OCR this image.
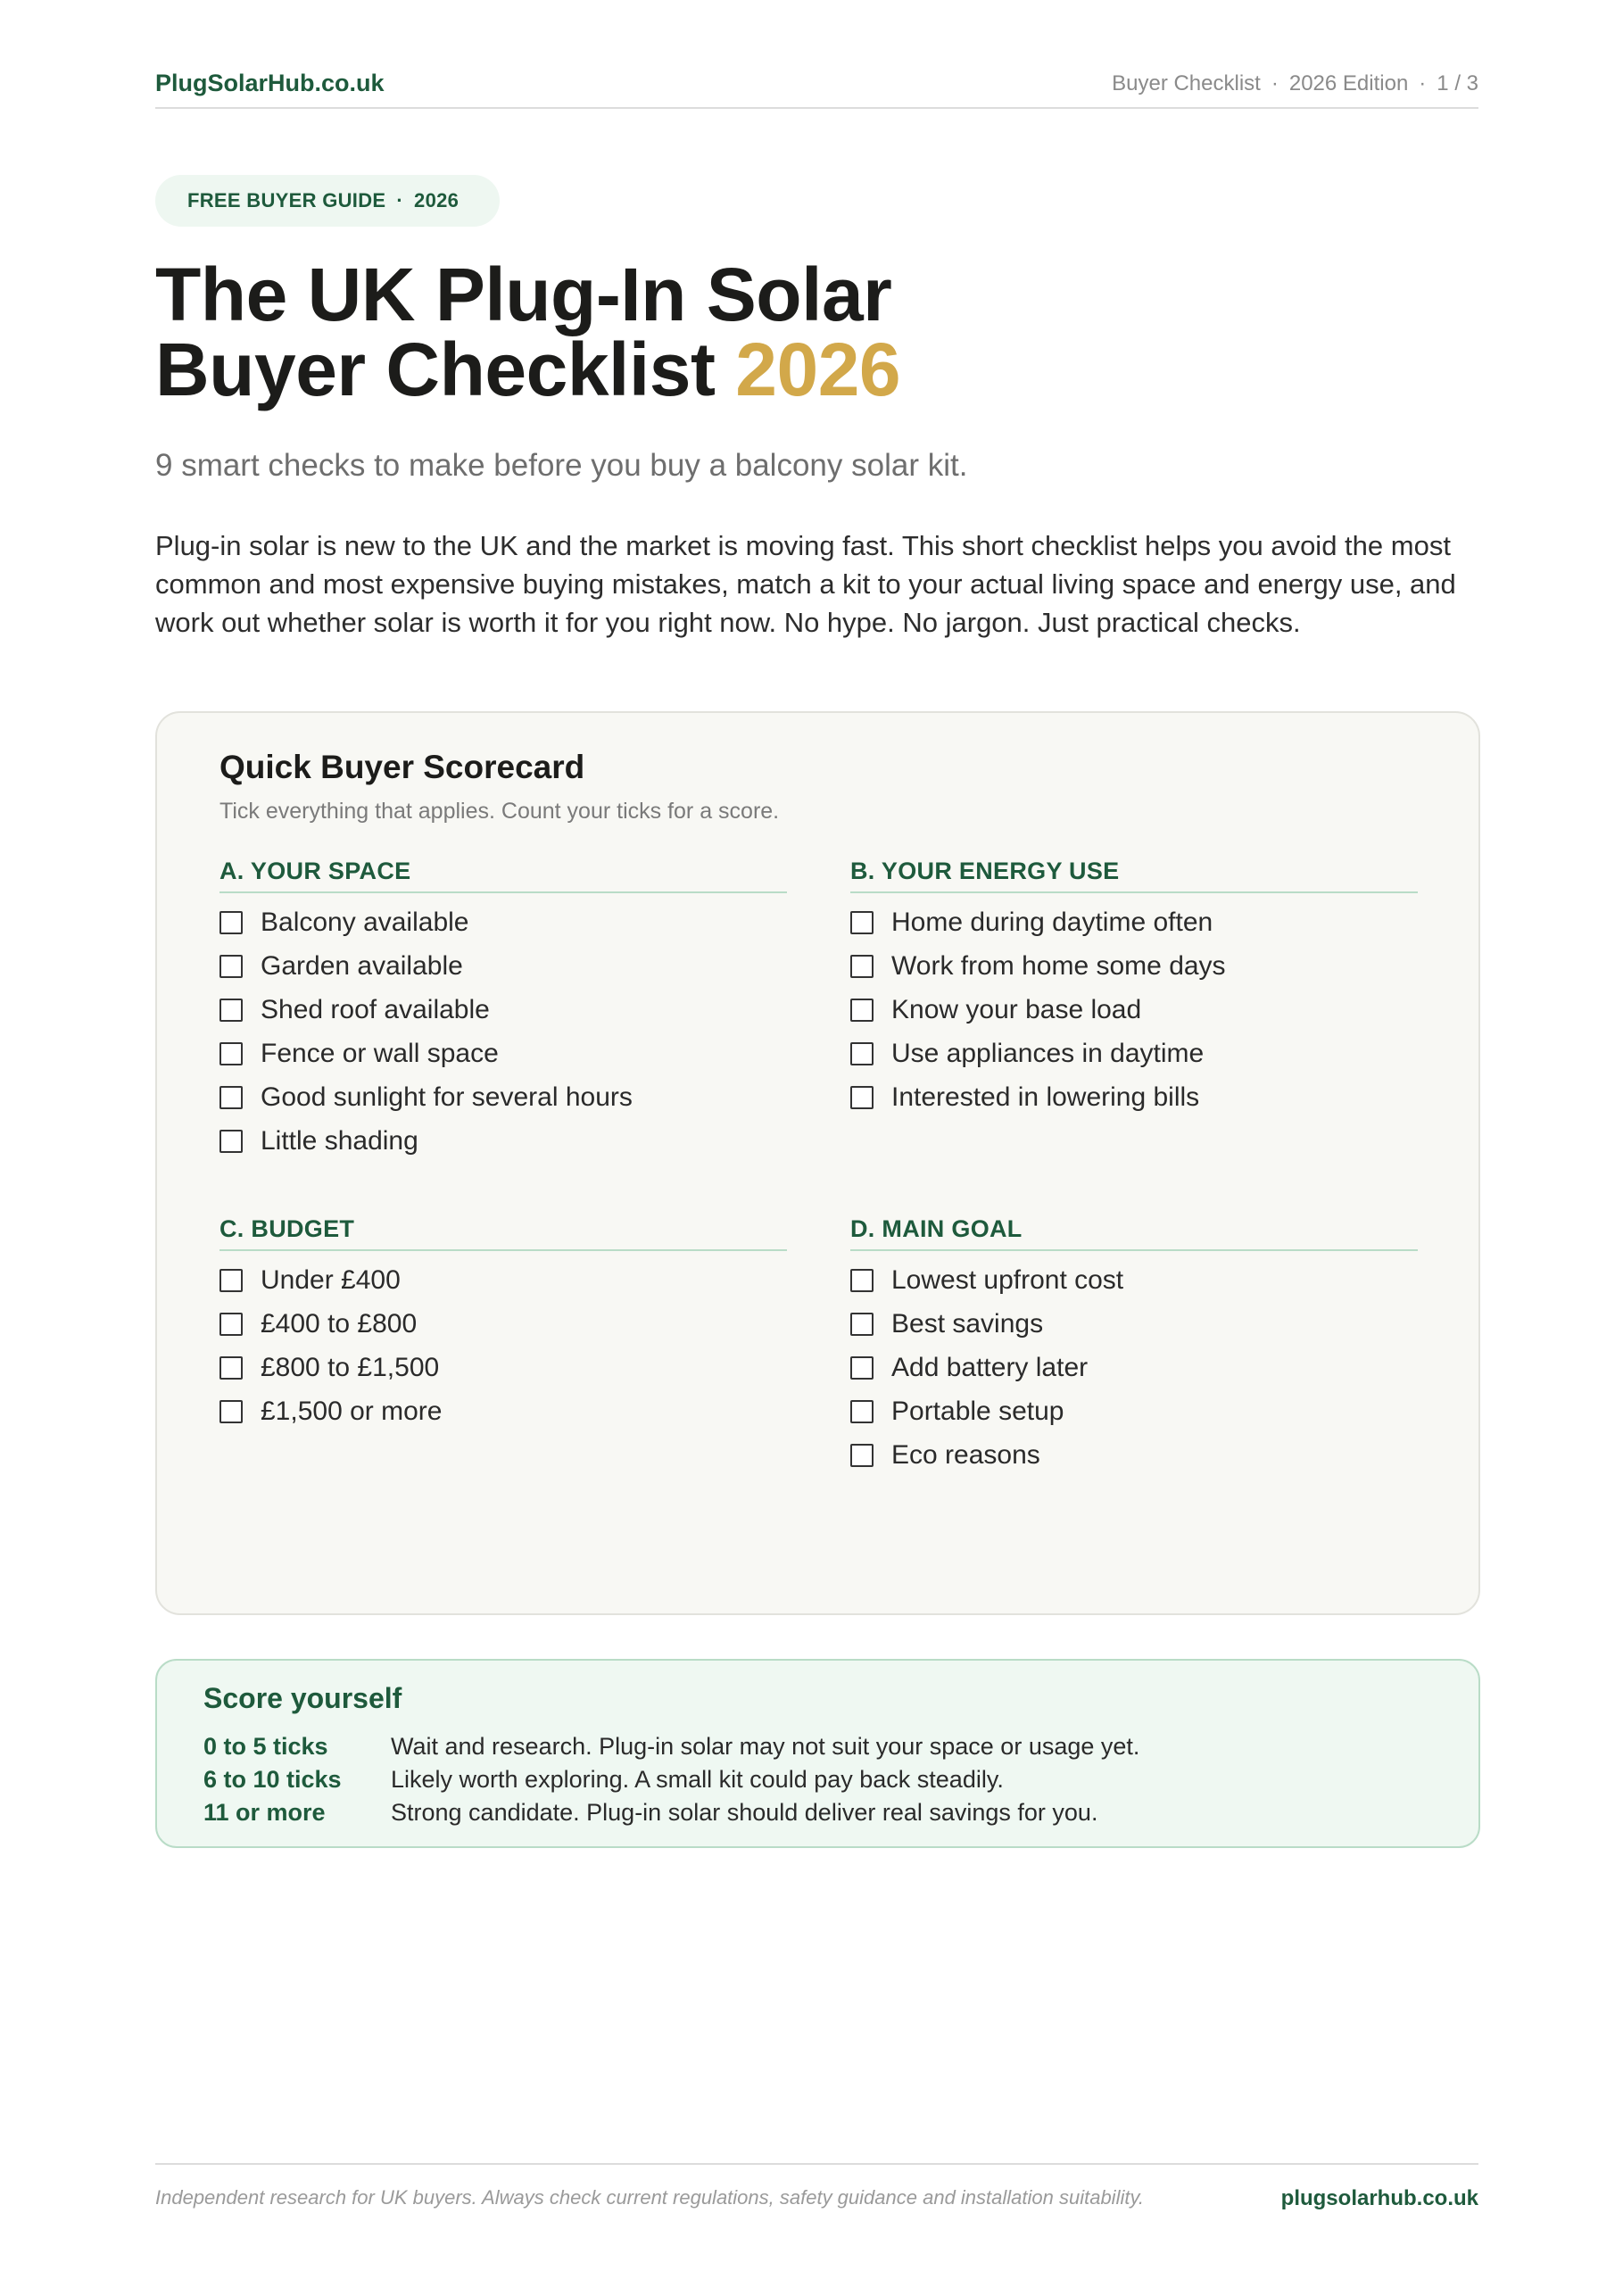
PlugSolarHub.co.uk	Buyer Checklist · 2026 Edition · 1 / 3
FREE BUYER GUIDE · 2026
The UK Plug-In Solar
Buyer Checklist 2026
9 smart checks to make before you buy a balcony solar kit.

Plug-in solar is new to the UK and the market is moving fast. This short checklist helps you avoid the most common and most expensive buying mistakes, match a kit to your actual living space and energy use, and work out whether solar is worth it for you right now. No hype. No jargon. Just practical checks.

Quick Buyer Scorecard
Tick everything that applies. Count your ticks for a score.
A. YOUR SPACE
Balcony available
Garden available
Shed roof available
Fence or wall space
Good sunlight for several hours
Little shading
B. YOUR ENERGY USE
Home during daytime often
Work from home some days
Know your base load
Use appliances in daytime
Interested in lowering bills
C. BUDGET
Under £400
£400 to £800
£800 to £1,500
£1,500 or more
D. MAIN GOAL
Lowest upfront cost
Best savings
Add battery later
Portable setup
Eco reasons
Score yourself
0 to 5 ticks	Wait and research. Plug-in solar may not suit your space or usage yet.
6 to 10 ticks	Likely worth exploring. A small kit could pay back steadily.
11 or more	Strong candidate. Plug-in solar should deliver real savings for you.
Independent research for UK buyers. Always check current regulations, safety guidance and installation suitability.	plugsolarhub.co.uk
